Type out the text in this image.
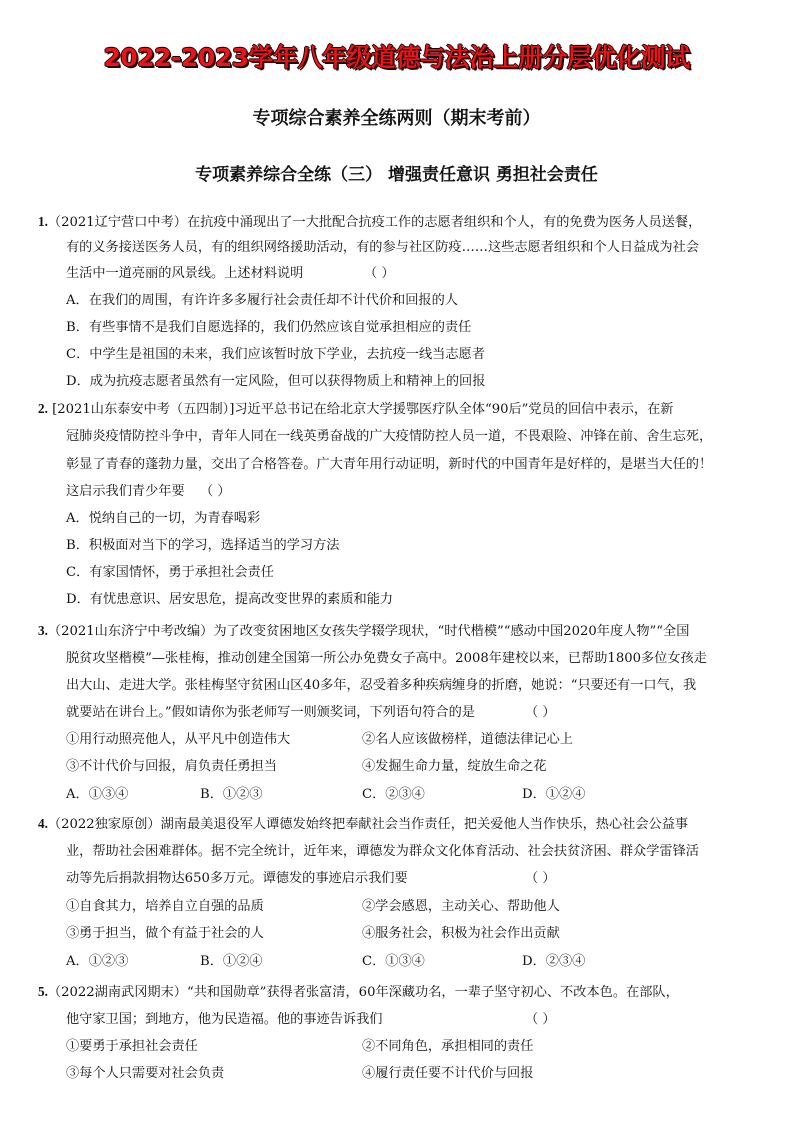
2022-2023学年八年级道德与法治上册分层优化测试
专项综合素养全练两则（期末考前）
专项素养综合全练（三） 增强责任意识 勇担社会责任
1.（2021辽宁营口中考）在抗疫中涌现出了一大批配合抗疫工作的志愿者组织和个人，有的免费为医务人员送餐，
有的义务接送医务人员，有的组织网络援助活动，有的参与社区防疫……这些志愿者组织和个人日益成为社会
生活中一道亮丽的风景线。上述材料说明	（ ）
A．在我们的周围，有许许多多履行社会责任却不计代价和回报的人
B．有些事情不是我们自愿选择的，我们仍然应该自觉承担相应的责任
C．中学生是祖国的未来，我们应该暂时放下学业，去抗疫一线当志愿者
D．成为抗疫志愿者虽然有一定风险，但可以获得物质上和精神上的回报
2. [2021山东泰安中考（五四制）]习近平总书记在给北京大学援鄂医疗队全体“90后”党员的回信中表示，在新
冠肺炎疫情防控斗争中，青年人同在一线英勇奋战的广大疫情防控人员一道，不畏艰险、冲锋在前、舍生忘死，
彰显了青春的蓬勃力量，交出了合格答卷。广大青年用行动证明，新时代的中国青年是好样的，是堪当大任的！
这启示我们青少年要 （ ）
A．悦纳自己的一切，为青春喝彩
B．积极面对当下的学习，选择适当的学习方法
C．有家国情怀，勇于承担社会责任
D．有忧患意识、居安思危，提高改变世界的素质和能力
3.（2021山东济宁中考改编）为了改变贫困地区女孩失学辍学现状，“时代楷模”“感动中国2020年度人物”“全国
脱贫攻坚楷模”—张桂梅，推动创建全国第一所公办免费女子高中。2008年建校以来，已帮助1800多位女孩走
出大山、走进大学。张桂梅坚守贫困山区40多年，忍受着多种疾病缠身的折磨，她说：“只要还有一口气，我
就要站在讲台上。”假如请你为张老师写一则颁奖词，下列语句符合的是	（ ）
①用行动照亮他人，从平凡中创造伟大	②名人应该做榜样，道德法律记心上
③不计代价与回报，肩负责任勇担当	④发掘生命力量，绽放生命之花
A．①③④	B．①②③	C．②③④	D．①②④
4.（2022独家原创）湖南最美退役军人谭德发始终把奉献社会当作责任，把关爱他人当作快乐，热心社会公益事
业，帮助社会困难群体。据不完全统计，近年来，谭德发为群众文化体育活动、社会扶贫济困、群众学雷锋活
动等先后捐款捐物达650多万元。谭德发的事迹启示我们要	（ ）
①自食其力，培养自立自强的品质	②学会感恩，主动关心、帮助他人
③勇于担当，做个有益于社会的人	④服务社会，积极为社会作出贡献
A．①②③	B．①②④	C．①③④	D．②③④
5.（2022湖南武冈期末）“共和国勋章”获得者张富清，60年深藏功名，一辈子坚守初心、不改本色。在部队，
他守家卫国；到地方，他为民造福。他的事迹告诉我们	（ ）
①要勇于承担社会责任	②不同角色，承担相同的责任
③每个人只需要对社会负责	④履行责任要不计代价与回报
